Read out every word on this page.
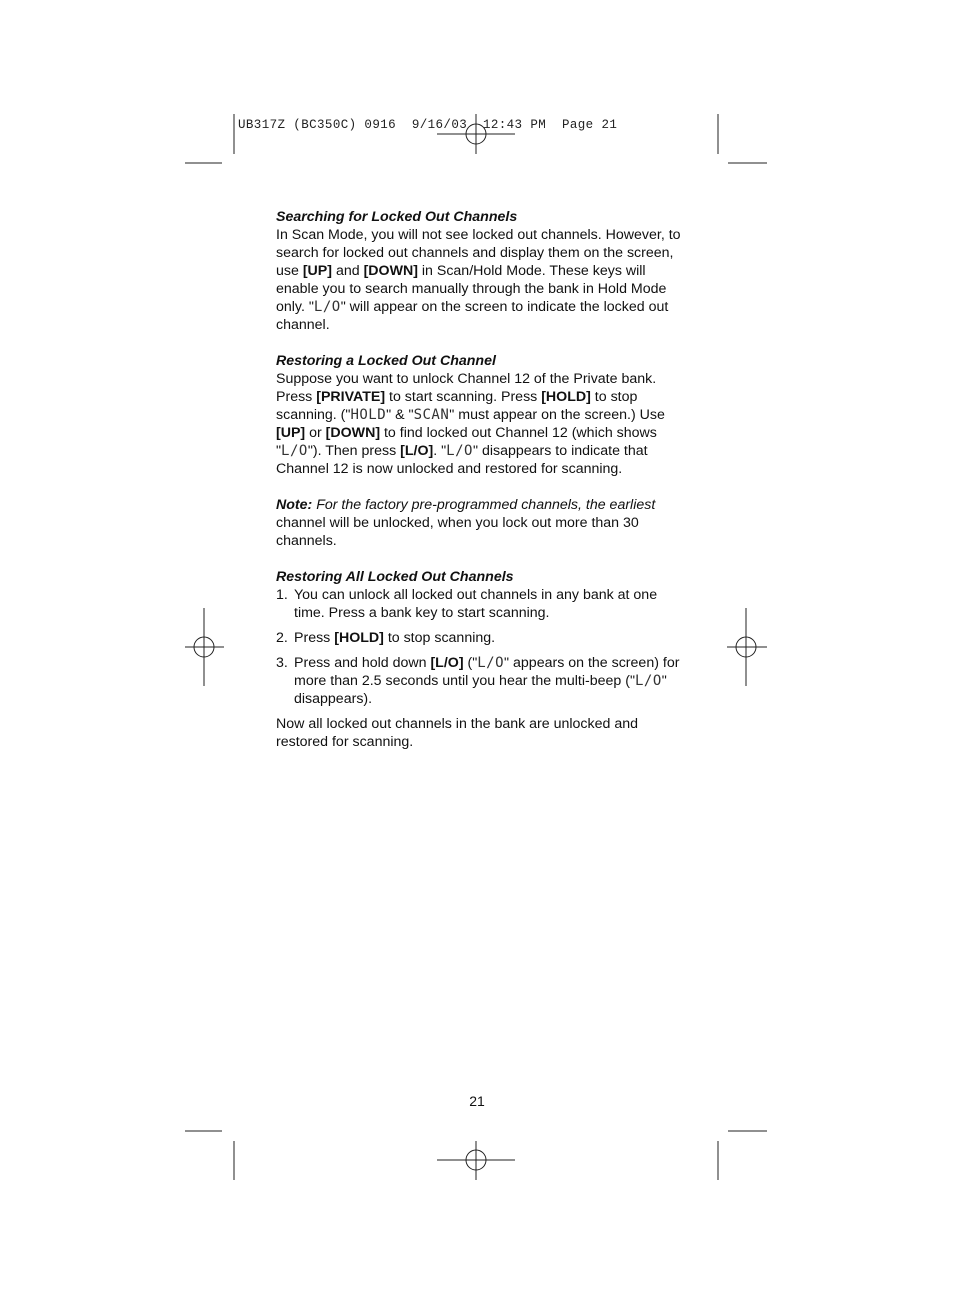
UB317Z (BC350C) 0916  9/16/03  12:43 PM  Page 21

Searching for Locked Out Channels

In Scan Mode, you will not see locked out channels. However, to search for locked out channels and display them on the screen, use [UP] and [DOWN] in Scan/Hold Mode. These keys will enable you to search manually through the bank in Hold Mode only. "L/O" will appear on the screen to indicate the locked out channel.

Restoring a Locked Out Channel

Suppose you want to unlock Channel 12 of the Private bank. Press [PRIVATE] to start scanning. Press [HOLD] to stop scanning. ("HOLD" & "SCAN" must appear on the screen.) Use [UP] or [DOWN] to find locked out Channel 12 (which shows "L/O"). Then press [L/O]. "L/O" disappears to indicate that Channel 12 is now unlocked and restored for scanning.

Note: For the factory pre-programmed channels, the earliest channel will be unlocked, when you lock out more than 30 channels.

Restoring All Locked Out Channels

1. You can unlock all locked out channels in any bank at one time. Press a bank key to start scanning.
2. Press [HOLD] to stop scanning.
3. Press and hold down [L/O] ("L/O" appears on the screen) for more than 2.5 seconds until you hear the multi-beep ("L/O" disappears).

Now all locked out channels in the bank are unlocked and restored for scanning.

21
